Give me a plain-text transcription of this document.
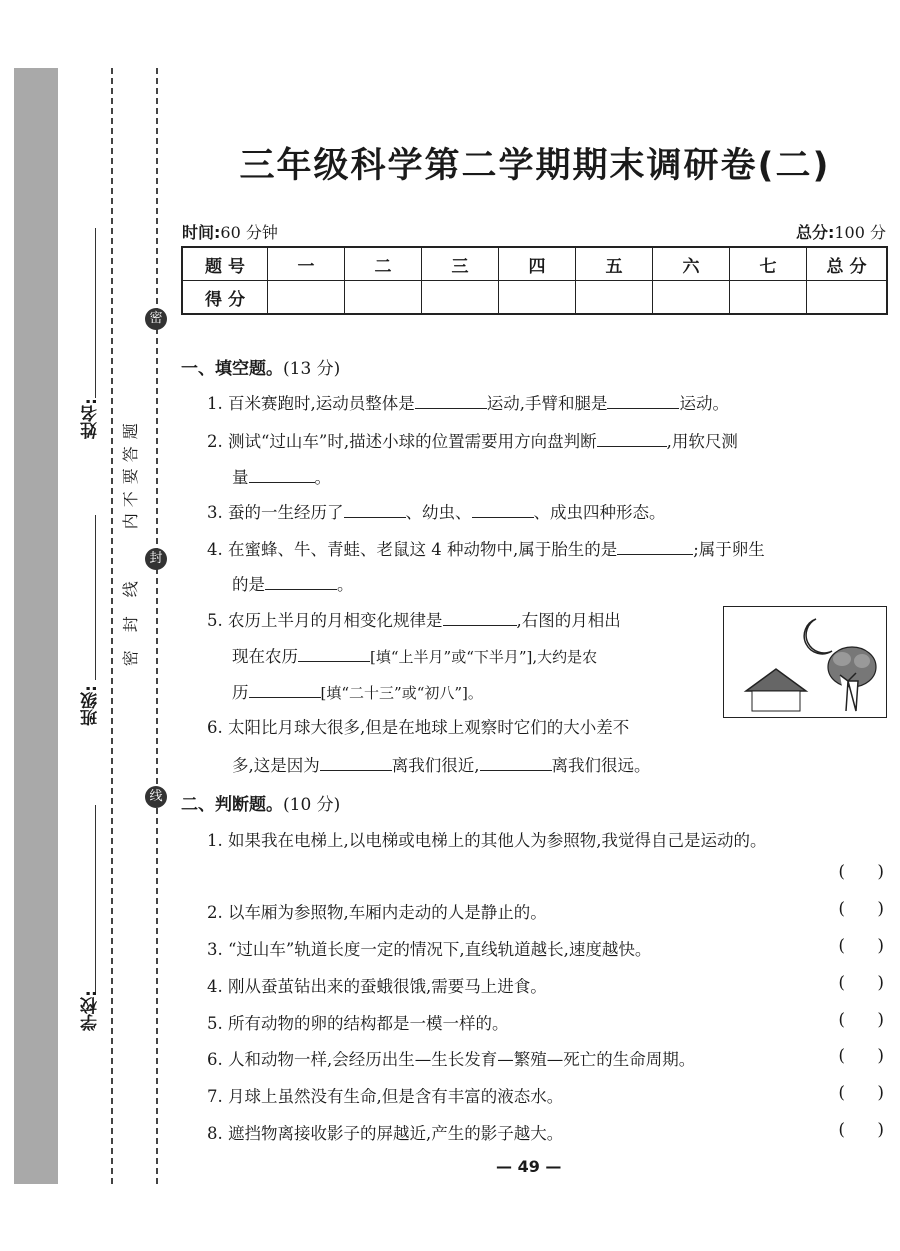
姓名:
班级:
学校:
密
封
线
题
答
要
不
内
线
封
密
三年级科学第二学期期末调研卷(二)
时间:60 分钟	总分:100 分
题 号	一	二	三	四	五	六	七	总 分
得 分								
一、填空题。(13 分)
1. 百米赛跑时,运动员整体是	运动,手臂和腿是	运动。
2. 测试“过山车”时,描述小球的位置需要用方向盘判断	,用软尺测
量	。
3. 蚕的一生经历了	、幼虫、	、成虫四种形态。
4. 在蜜蜂、牛、青蛙、老鼠这 4 种动物中,属于胎生的是	;属于卵生
的是	。
5. 农历上半月的月相变化规律是	,右图的月相出
现在农历	[填“上半月”或“下半月”],大约是农
历	[填“二十三”或“初八”]。
6. 太阳比月球大很多,但是在地球上观察时它们的大小差不
多,这是因为	离我们很近,	离我们很远。
二、判断题。(10 分)
1. 如果我在电梯上,以电梯或电梯上的其他人为参照物,我觉得自己是运动的。
(      )
2. 以车厢为参照物,车厢内走动的人是静止的。	(      )
3. “过山车”轨道长度一定的情况下,直线轨道越长,速度越快。	(      )
4. 刚从蚕茧钻出来的蚕蛾很饿,需要马上进食。	(      )
5. 所有动物的卵的结构都是一模一样的。	(      )
6. 人和动物一样,会经历出生—生长发育—繁殖—死亡的生命周期。	(      )
7. 月球上虽然没有生命,但是含有丰富的液态水。	(      )
8. 遮挡物离接收影子的屏越近,产生的影子越大。	(      )
— 49 —
